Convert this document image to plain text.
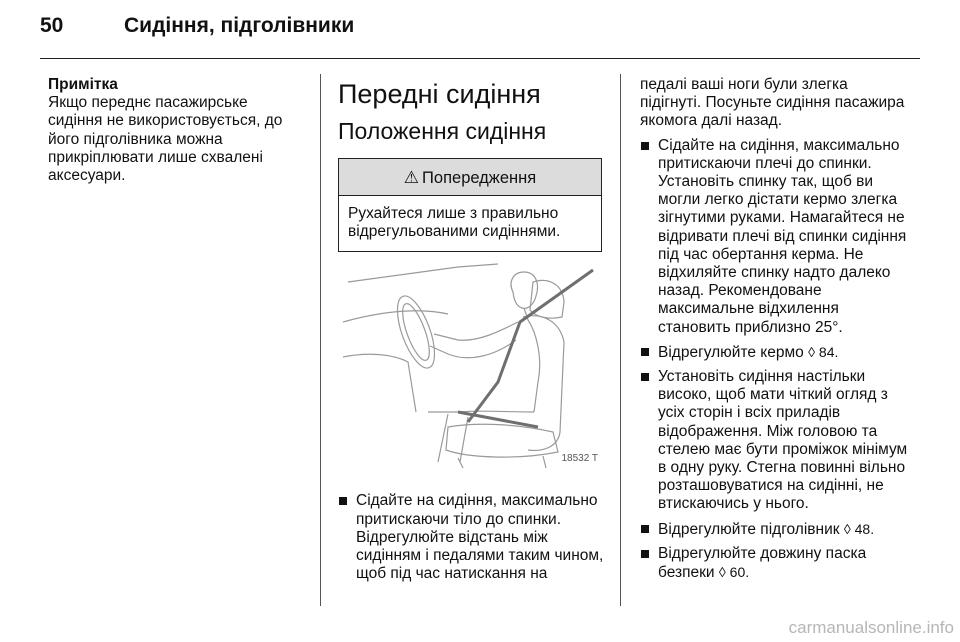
50	Сидіння, підголівники
Примітка
Якщо переднє пасажирське сидіння не використовується, до його підголівника можна прикріплювати лише схвалені аксесуари.
Передні сидіння
Положення сидіння
⚠ Попередження
Рухайтеся лише з правильно відрегульованими сидіннями.
18532 T
Сідайте на сидіння, максимально притискаючи тіло до спинки. Відрегулюйте відстань між сидінням і педалями таким чином, щоб під час натискання на
педалі ваші ноги були злегка підігнуті. Посуньте сидіння пасажира якомога далі назад.
Сідайте на сидіння, максимально притискаючи плечі до спинки. Установіть спинку так, щоб ви могли легко дістати кермо злегка зігнутими руками. Намагайтеся не відривати плечі від спинки сидіння під час обертання керма. Не відхиляйте спинку надто далеко назад. Рекомендоване максимальне відхилення становить приблизно 25°.
Відрегулюйте кермо ◊ 84.
Установіть сидіння настільки високо, щоб мати чіткий огляд з усіх сторін і всіх приладів відображення. Між головою та стелею має бути проміжок мінімум в одну руку. Стегна повинні вільно розташовуватися на сидінні, не втискаючись у нього.
Відрегулюйте підголівник ◊ 48.
Відрегулюйте довжину паска безпеки ◊ 60.
carmanualsonline.info
